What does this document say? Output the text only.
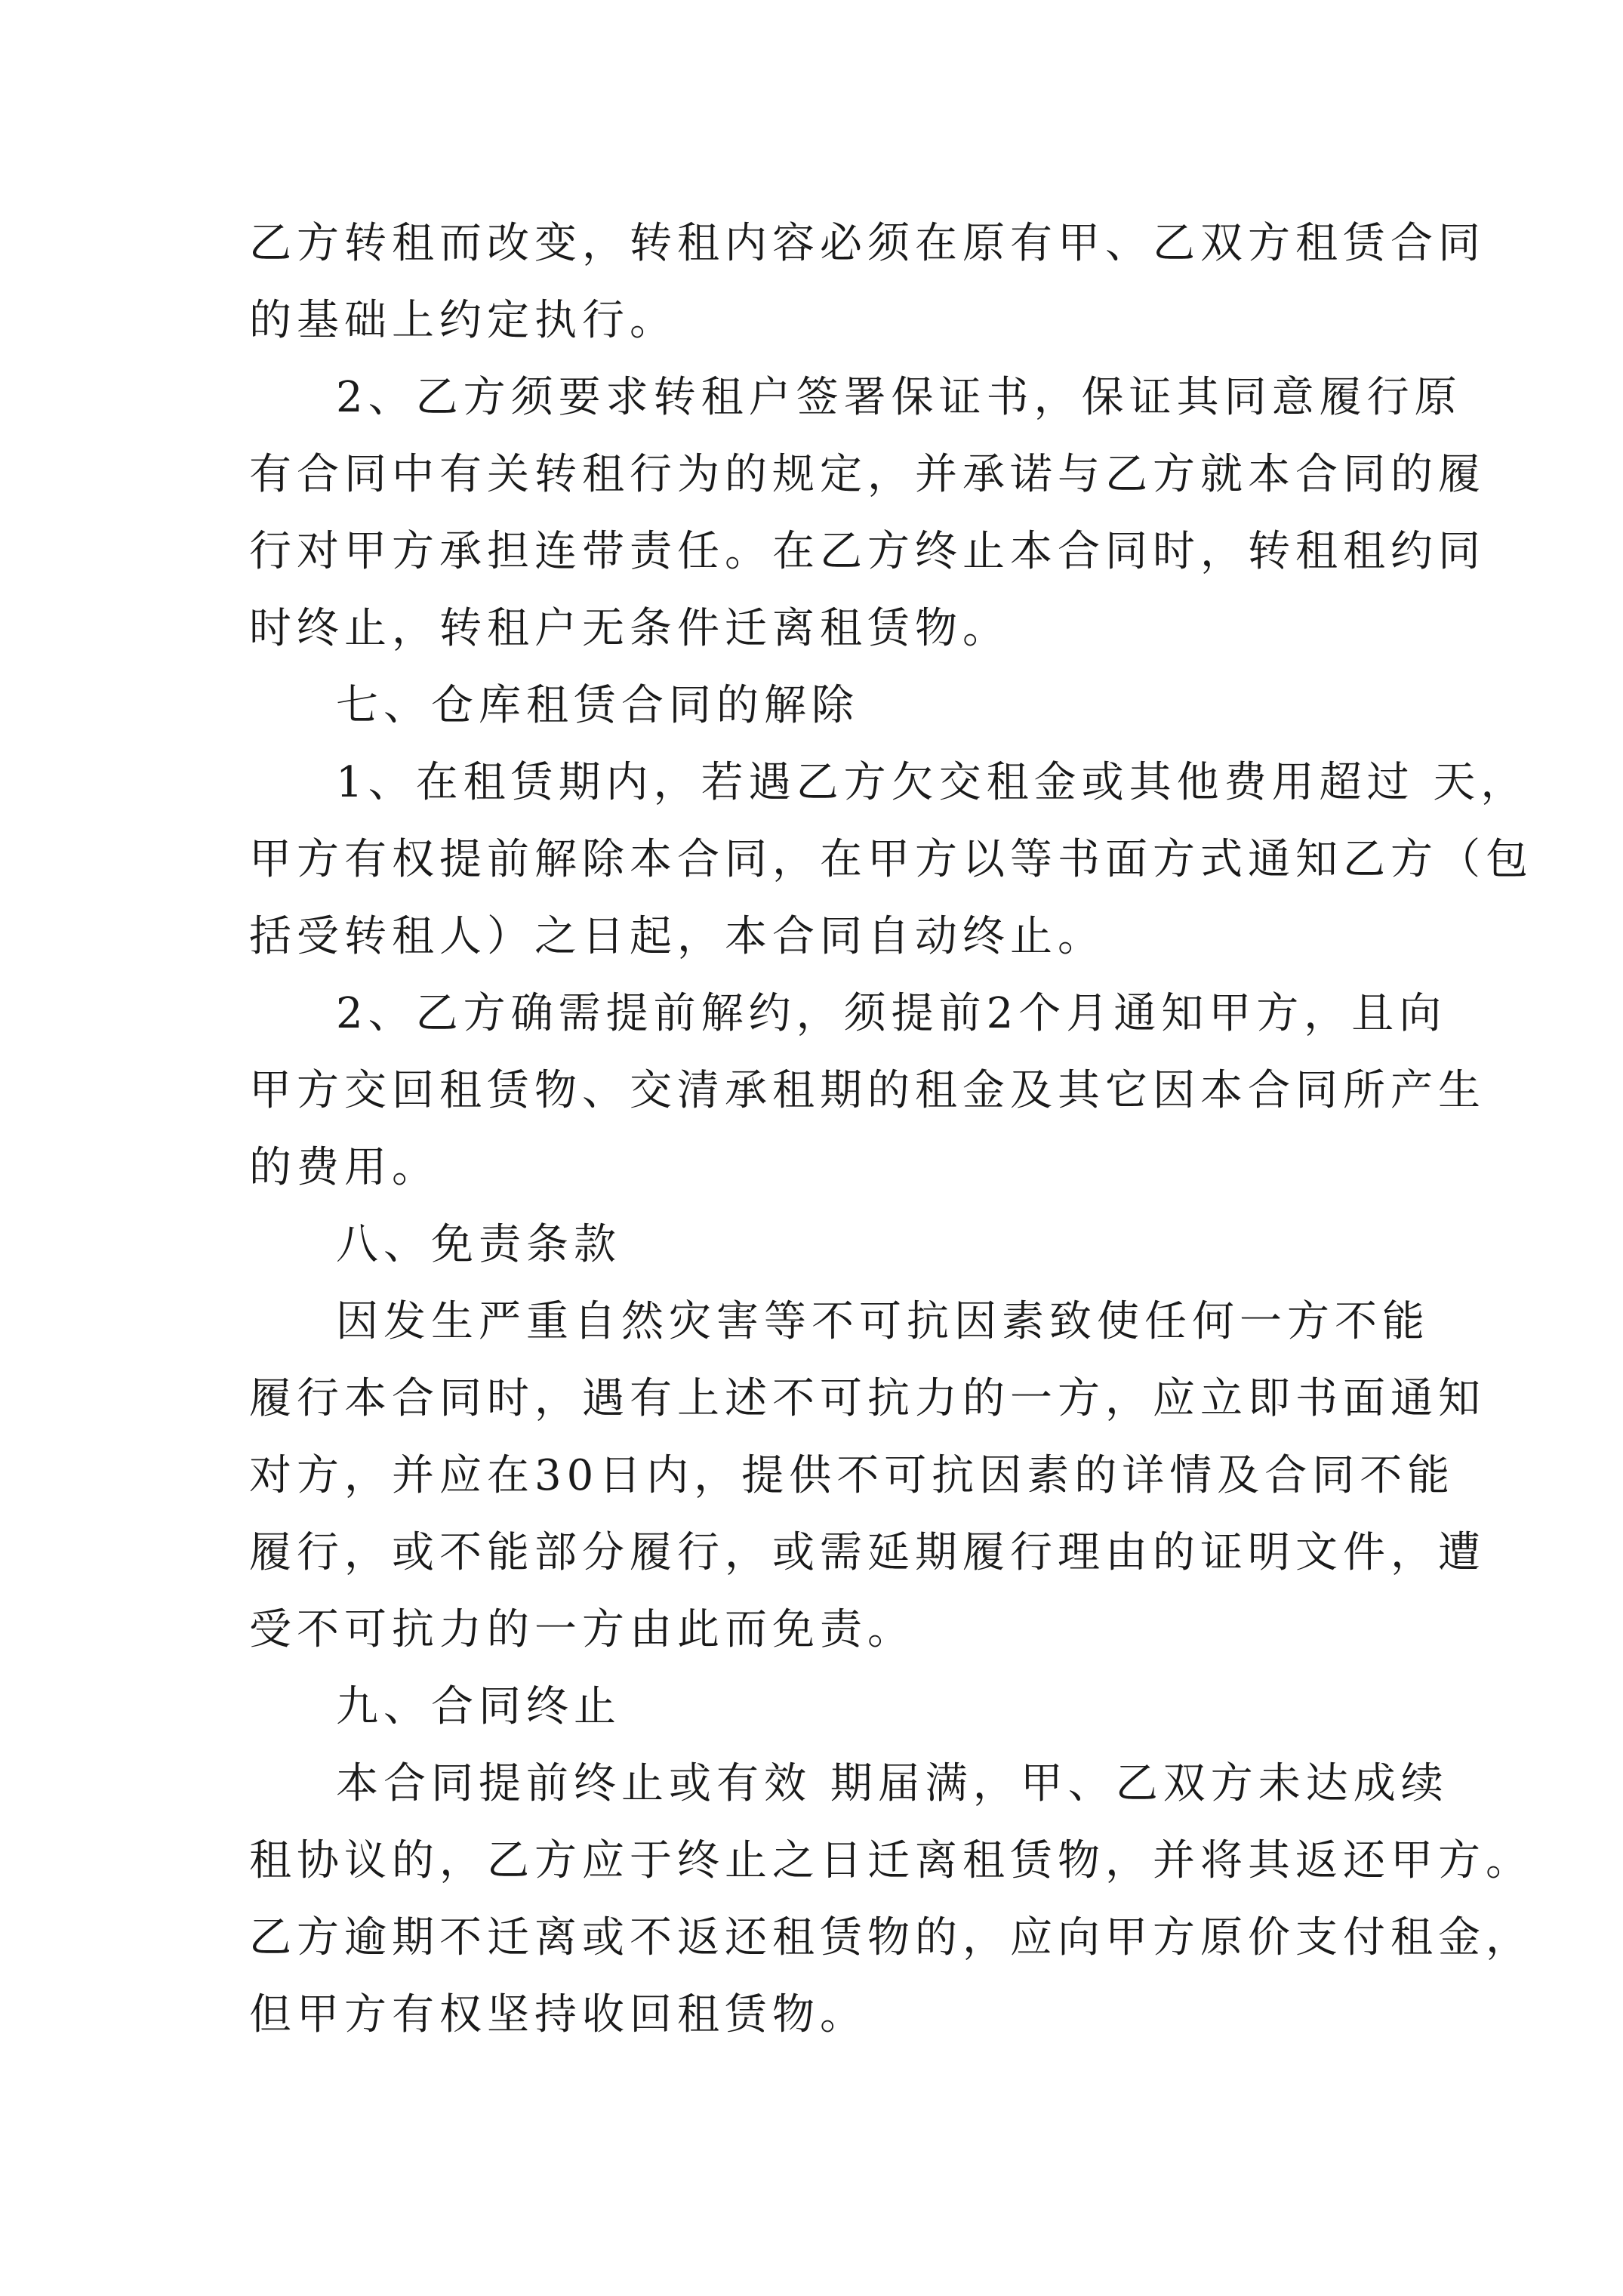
乙方转租而改变，转租内容必须在原有甲、乙双方租赁合同
的基础上约定执行。
2、乙方须要求转租户签署保证书，保证其同意履行原
有合同中有关转租行为的规定，并承诺与乙方就本合同的履
行对甲方承担连带责任。在乙方终止本合同时，转租租约同
时终止，转租户无条件迁离租赁物。
七、仓库租赁合同的解除
1、在租赁期内，若遇乙方欠交租金或其他费用超过 天，
甲方有权提前解除本合同，在甲方以等书面方式通知乙方（包
括受转租人）之日起，本合同自动终止。
2、乙方确需提前解约，须提前2个月通知甲方，且向
甲方交回租赁物、交清承租期的租金及其它因本合同所产生
的费用。
八、免责条款
因发生严重自然灾害等不可抗因素致使任何一方不能
履行本合同时，遇有上述不可抗力的一方，应立即书面通知
对方，并应在30日内，提供不可抗因素的详情及合同不能
履行，或不能部分履行，或需延期履行理由的证明文件，遭
受不可抗力的一方由此而免责。
九、合同终止
本合同提前终止或有效 期届满，甲、乙双方未达成续
租协议的，乙方应于终止之日迁离租赁物，并将其返还甲方。
乙方逾期不迁离或不返还租赁物的，应向甲方原价支付租金，
但甲方有权坚持收回租赁物。
